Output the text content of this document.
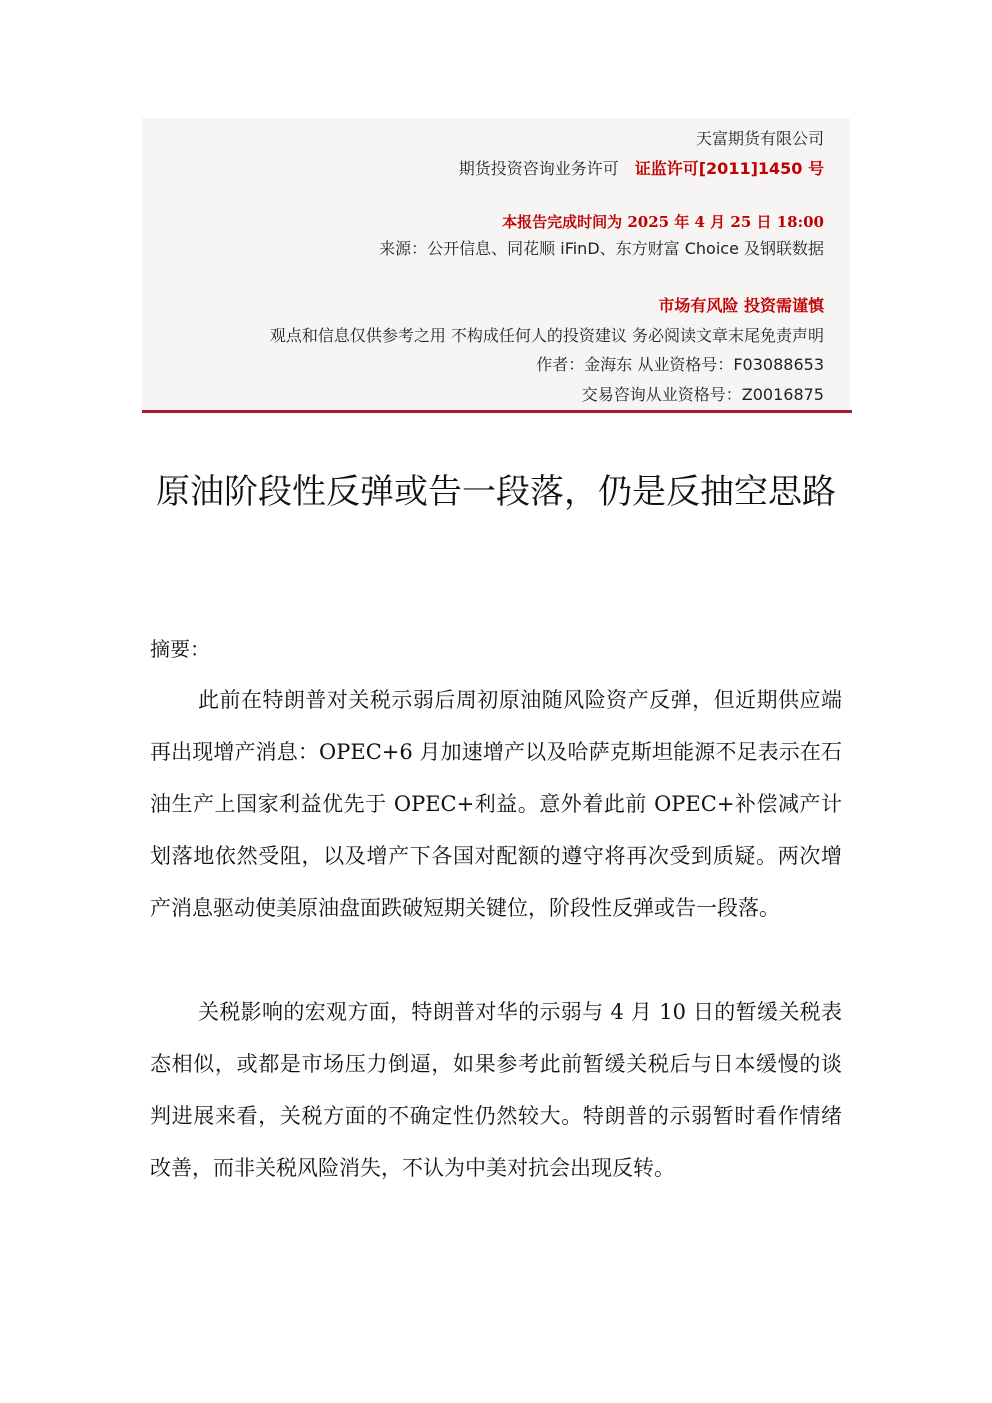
天富期货有限公司
期货投资咨询业务许可 证监许可[2011]1450 号
本报告完成时间为 2025 年 4 月 25 日 18:00
来源：公开信息、同花顺 iFinD、东方财富 Choice 及钢联数据
市场有风险 投资需谨慎
观点和信息仅供参考之用 不构成任何人的投资建议 务必阅读文章末尾免责声明
作者：金海东 从业资格号：F03088653
交易咨询从业资格号：Z0016875
原油阶段性反弹或告一段落，仍是反抽空思路
摘要：
此前在特朗普对关税示弱后周初原油随风险资产反弹，但近期供应端再出现增产消息：OPEC+6 月加速增产以及哈萨克斯坦能源不足表示在石油生产上国家利益优先于 OPEC+利益。意外着此前 OPEC+补偿减产计划落地依然受阻，以及增产下各国对配额的遵守将再次受到质疑。两次增产消息驱动使美原油盘面跌破短期关键位，阶段性反弹或告一段落。
关税影响的宏观方面，特朗普对华的示弱与 4 月 10 日的暂缓关税表态相似，或都是市场压力倒逼，如果参考此前暂缓关税后与日本缓慢的谈判进展来看，关税方面的不确定性仍然较大。特朗普的示弱暂时看作情绪改善，而非关税风险消失，不认为中美对抗会出现反转。
